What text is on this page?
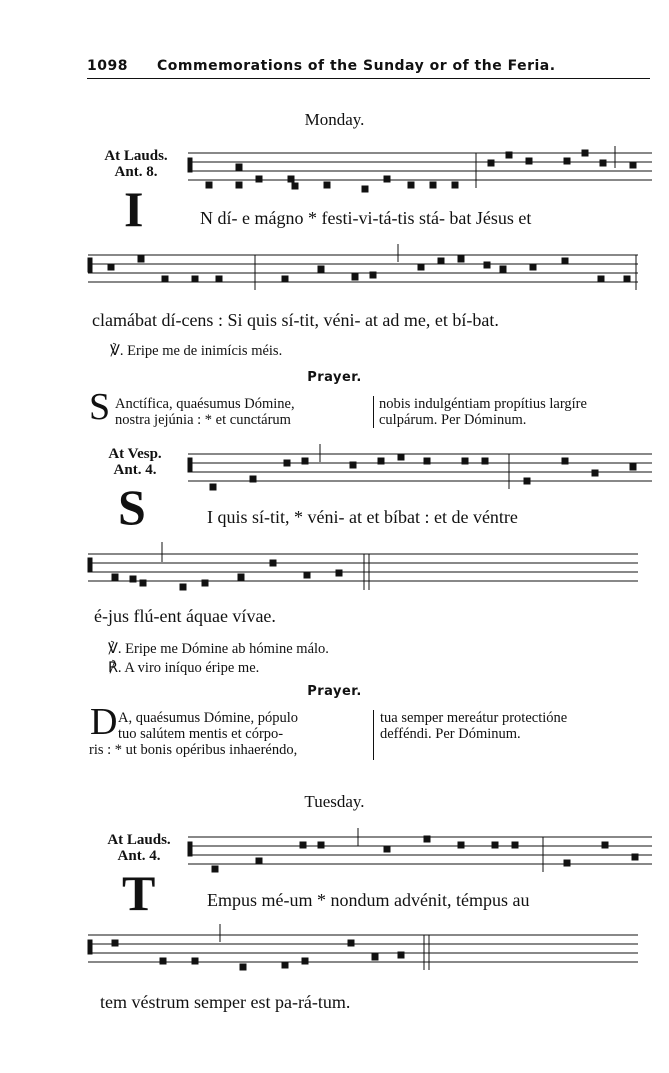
1098 Commemorations of the Sunday or of the Feria.
Monday.
At Lauds.
Ant. 8.
I	N dí- e mágno * festi-vi-tá-tis stá- bat Jésus et
clamábat dí-cens : Si quis sí-tit, véni- at ad me, et bí-bat.
℣. Eripe me de inimícis méis.
Prayer.
S Anctífica, quaésumus Dómine,
nostra jejúnia : * et cunctárum
nobis indulgéntiam propítius largíre
culpárum. Per Dóminum.
At Vesp.
Ant. 4.
S	I quis sí-tit, * véni- at et bíbat : et de véntre
é-jus flú-ent áquae vívae.
℣. Eripe me Dómine ab hómine málo.
℟. A viro iníquo éripe me.
Prayer.
D A, quaésumus Dómine, pópulo
tuo salútem mentis et córpo-
ris : * ut bonis opéribus inhaeréndo,
tua semper mereátur protectióne
defféndi. Per Dóminum.
Tuesday.
At Lauds.
Ant. 4.
T	Empus mé-um * nondum advénit, témpus au
tem véstrum semper est pa-rá-tum.
